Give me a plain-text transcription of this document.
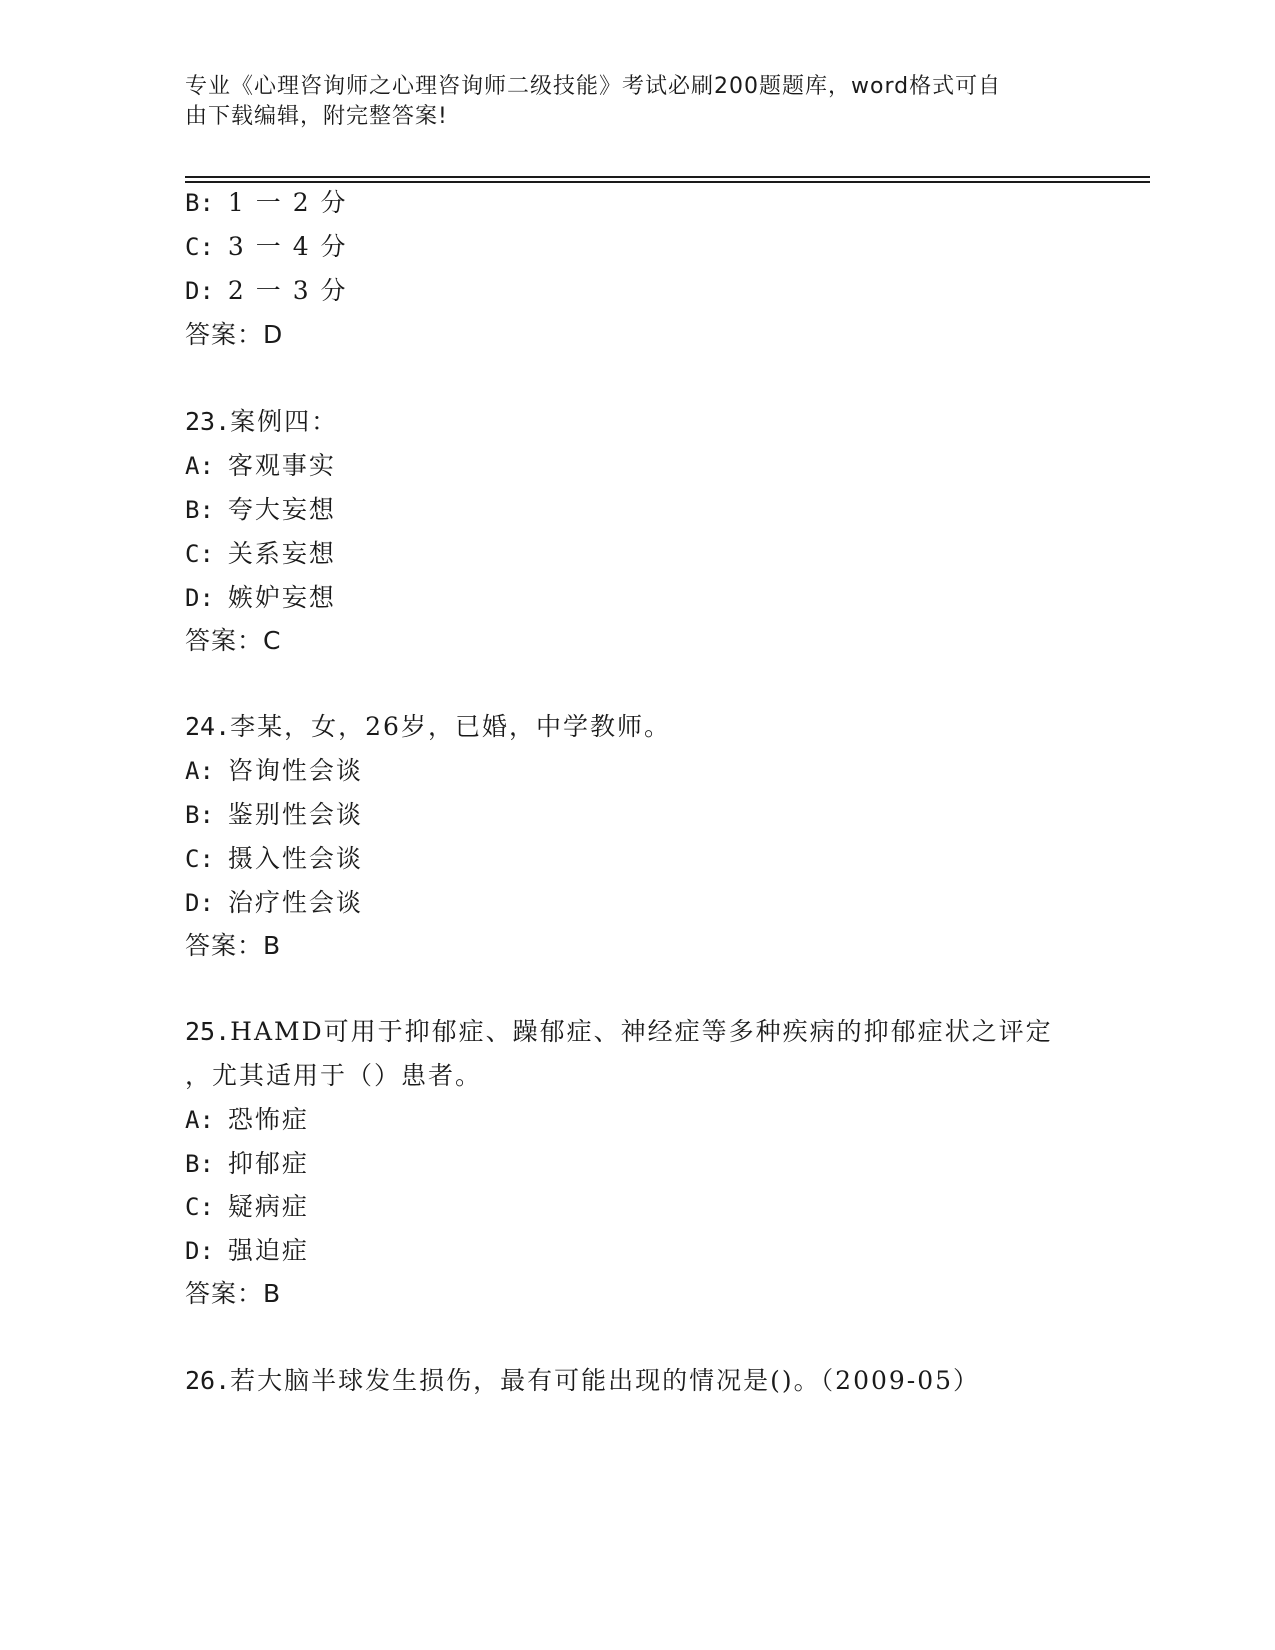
专业《心理咨询师之心理咨询师二级技能》考试必刷200题题库，word格式可自
由下载编辑，附完整答案!
B: 1 一 2 分
C: 3 一 4 分
D: 2 一 3 分
答案：D
23.案例四：
A: 客观事实
B: 夸大妄想
C: 关系妄想
D: 嫉妒妄想
答案：C
24.李某，女，26岁，已婚，中学教师。
A: 咨询性会谈
B: 鉴别性会谈
C: 摄入性会谈
D: 治疗性会谈
答案：B
25.HAMD可用于抑郁症、躁郁症、神经症等多种疾病的抑郁症状之评定
，尤其适用于（）患者。
A: 恐怖症
B: 抑郁症
C: 疑病症
D: 强迫症
答案：B
26.若大脑半球发生损伤，最有可能出现的情况是()。（2009-05）
